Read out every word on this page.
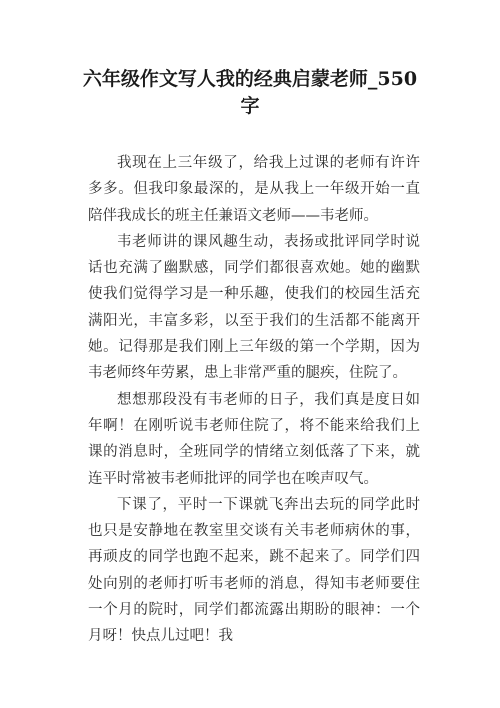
六年级作文写人我的经典启蒙老师_550
字

我现在上三年级了，给我上过课的老师有许许多多。但我印象最深的，是从我上一年级开始一直陪伴我成长的班主任兼语文老师——韦老师。

韦老师讲的课风趣生动，表扬或批评同学时说话也充满了幽默感，同学们都很喜欢她。她的幽默使我们觉得学习是一种乐趣，使我们的校园生活充满阳光，丰富多彩，以至于我们的生活都不能离开她。记得那是我们刚上三年级的第一个学期，因为韦老师终年劳累，患上非常严重的腿疾，住院了。

想想那段没有韦老师的日子，我们真是度日如年啊！在刚听说韦老师住院了，将不能来给我们上课的消息时，全班同学的情绪立刻低落了下来，就连平时常被韦老师批评的同学也在唉声叹气。

下课了，平时一下课就飞奔出去玩的同学此时也只是安静地在教室里交谈有关韦老师病休的事，再顽皮的同学也跑不起来，跳不起来了。同学们四处向别的老师打听韦老师的消息，得知韦老师要住一个月的院时，同学们都流露出期盼的眼神：一个月呀！快点儿过吧！我
